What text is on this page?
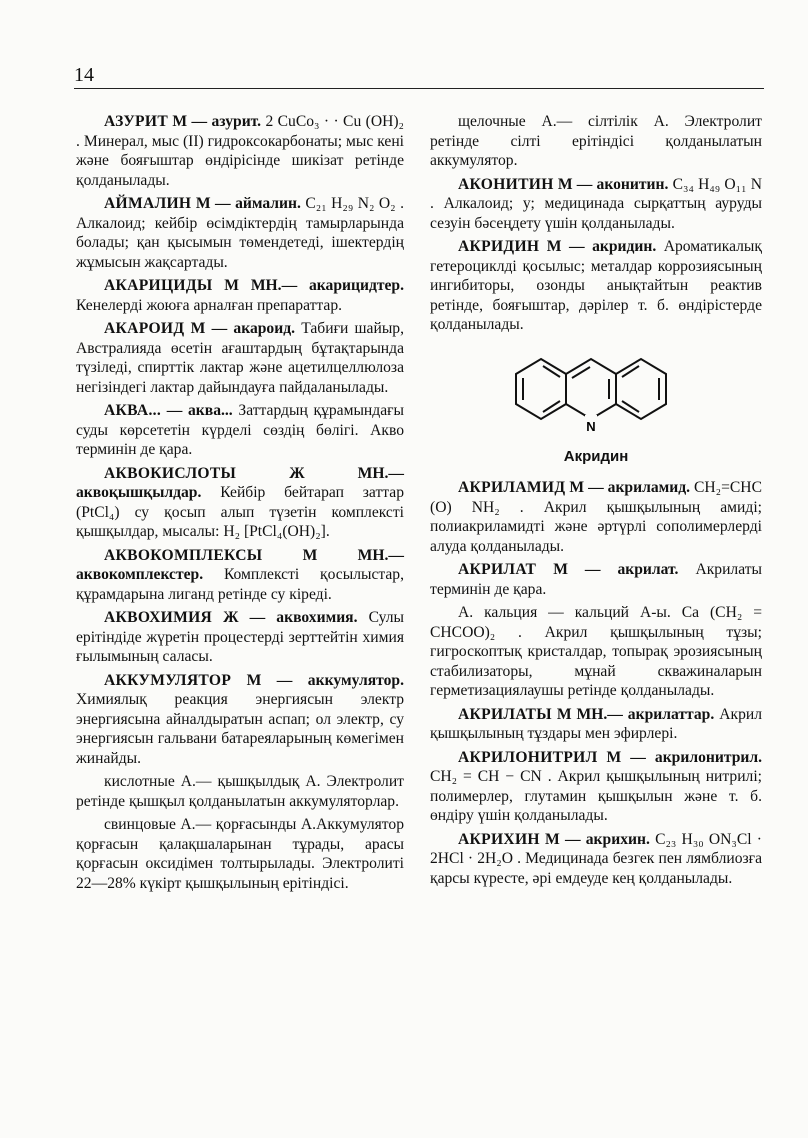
14

АЗУРИТ М — азурит. 2 CuCo₃ · · Cu (OH)₂ . Минерал, мыс (II) гидроксокарбонаты; мыс кені және бояғыштар өндірісінде шикізат ретінде қолданылады.

АЙМАЛИН М — аймалин. C₂₁ H₂₉ N₂ O₂ . Алкалоид; кейбір өсімдіктердің тамырларында болады; қан қысымын төмендетеді, ішектердің жұмысын жақсартады.

АКАРИЦИДЫ М МН.— акарицидтер. Кенелерді жоюға арналған препараттар.

АКАРОИД М — акароид. Табиғи шайыр, Австралияда өсетін ағаштардың бұтақтарында түзіледі, спирттік лактар және ацетилцеллюлоза негізіндегі лактар дайындауға пайдаланылады.

АКВА... — аква... Заттардың құрамындағы суды көрсететін күрделі сөздің бөлігі. Акво терминін де қара.

АКВОКИСЛОТЫ	Ж МН.— аквоқышқылдар. Кейбір бейтарап заттар (PtCl₄) су қосып алып түзетін комплексті қышқылдар, мысалы: H₂ [PtCl₄(OH)₂].

АКВОКОМПЛЕКСЫ	М МН.— аквокомплекстер. Комплексті қосылыстар, құрамдарына лиганд ретінде су кіреді.

АКВОХИМИЯ Ж — аквохимия. Сулы ерітіндіде жүретін процестерді зерттейтін химия ғылымының саласы.

АККУМУЛЯТОР М — аккумулятор. Химиялық реакция энергиясын электр энергиясына айналдыратын аспап; ол электр, су энергиясын гальвани батареяларының көмегімен жинайды.

кислотные А.— қышқылдық А. Электролит ретінде қышқыл қолданылатын аккумуляторлар.

свинцовые А.— қорғасынды А.Аккумулятор қорғасын қалақшаларынан тұрады, арасы қорғасын оксидімен толтырылады. Электролиті 22—28% күкірт қышқылының ерітіндісі.

щелочные А.— сілтілік А. Электролит ретінде сілті ерітіндісі қолданылатын аккумулятор.

АКОНИТИН М — аконитин. C₃₄ H₄₉ O₁₁ N . Алкалоид; у; медицинада сырқаттың ауруды сезуін бәсеңдету үшін қолданылады.

АКРИДИН М — акридин. Ароматикалық гетероциклді қосылыс; металдар коррозиясының ингибиторы, озонды анықтайтын реактив ретінде, бояғыштар, дәрілер т. б. өндірістерде қолданылады.

N
Акридин

АКРИЛАМИД М — акриламид. CH₂=CHC (O) NH₂ . Акрил қышқылының амиді; полиакриламидті және әртүрлі сополимерлерді алуда қолданылады.

АКРИЛАТ М — акрилат. Акрилаты терминін де қара.

А. кальция — кальций А-ы. Ca (CH₂ = CHCOO)₂ . Акрил қышқылының тұзы; гигроскоптық кристалдар, топырақ эрозиясының стабилизаторы, мұнай скважиналарын герметизациялаушы ретінде қолданылады.

АКРИЛАТЫ М МН.— акрилаттар. Акрил қышқылының тұздары мен эфирлері.

АКРИЛОНИТРИЛ М — акрилонитрил. CH₂ = CH − CN . Акрил қышқылының нитрилі; полимерлер, глутамин қышқылын және т. б. өндіру үшін қолданылады.

АКРИХИН М — акрихин. C₂₃ H₃₀ ON₃Cl · 2HCl · 2H₂O . Медицинада безгек пен лямблиозға қарсы күресте, әрі емдеуде кең қолданылады.
